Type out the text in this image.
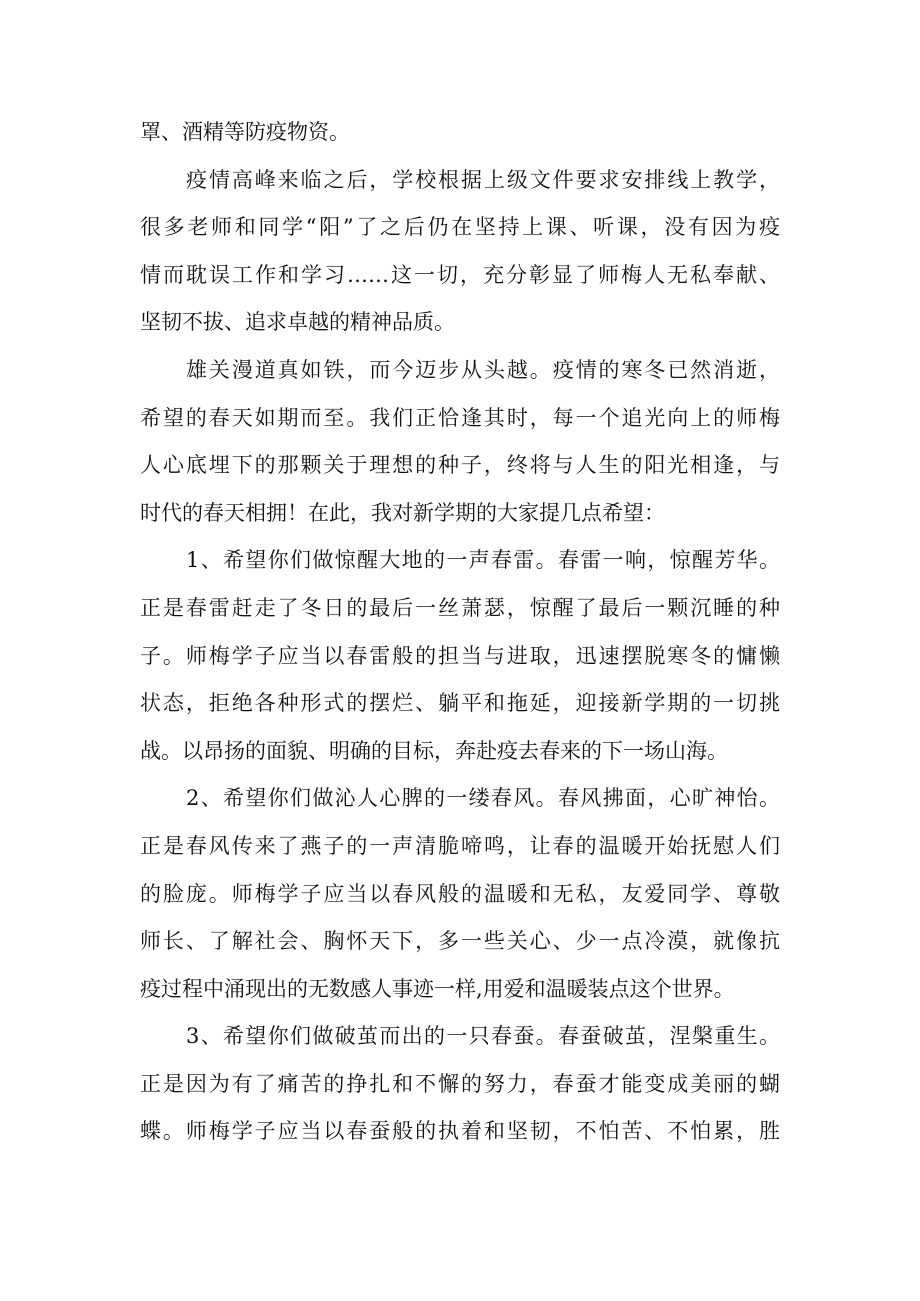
罩、酒精等防疫物资。
疫情高峰来临之后，学校根据上级文件要求安排线上教学，
很多老师和同学“阳”了之后仍在坚持上课、听课，没有因为疫
情而耽误工作和学习……这一切，充分彰显了师梅人无私奉献、
坚韧不拔、追求卓越的精神品质。
雄关漫道真如铁，而今迈步从头越。疫情的寒冬已然消逝，
希望的春天如期而至。我们正恰逢其时，每一个追光向上的师梅
人心底埋下的那颗关于理想的种子，终将与人生的阳光相逢，与
时代的春天相拥！在此，我对新学期的大家提几点希望：
1、希望你们做惊醒大地的一声春雷。春雷一响，惊醒芳华。
正是春雷赶走了冬日的最后一丝萧瑟，惊醒了最后一颗沉睡的种
子。师梅学子应当以春雷般的担当与进取，迅速摆脱寒冬的慵懒
状态，拒绝各种形式的摆烂、躺平和拖延，迎接新学期的一切挑
战。以昂扬的面貌、明确的目标，奔赴疫去春来的下一场山海。
2、希望你们做沁人心脾的一缕春风。春风拂面，心旷神怡。
正是春风传来了燕子的一声清脆啼鸣，让春的温暖开始抚慰人们
的脸庞。师梅学子应当以春风般的温暖和无私，友爱同学、尊敬
师长、了解社会、胸怀天下，多一些关心、少一点冷漠，就像抗
疫过程中涌现出的无数感人事迹一样,用爱和温暖装点这个世界。
3、希望你们做破茧而出的一只春蚕。春蚕破茧，涅槃重生。
正是因为有了痛苦的挣扎和不懈的努力，春蚕才能变成美丽的蝴
蝶。师梅学子应当以春蚕般的执着和坚韧，不怕苦、不怕累，胜
